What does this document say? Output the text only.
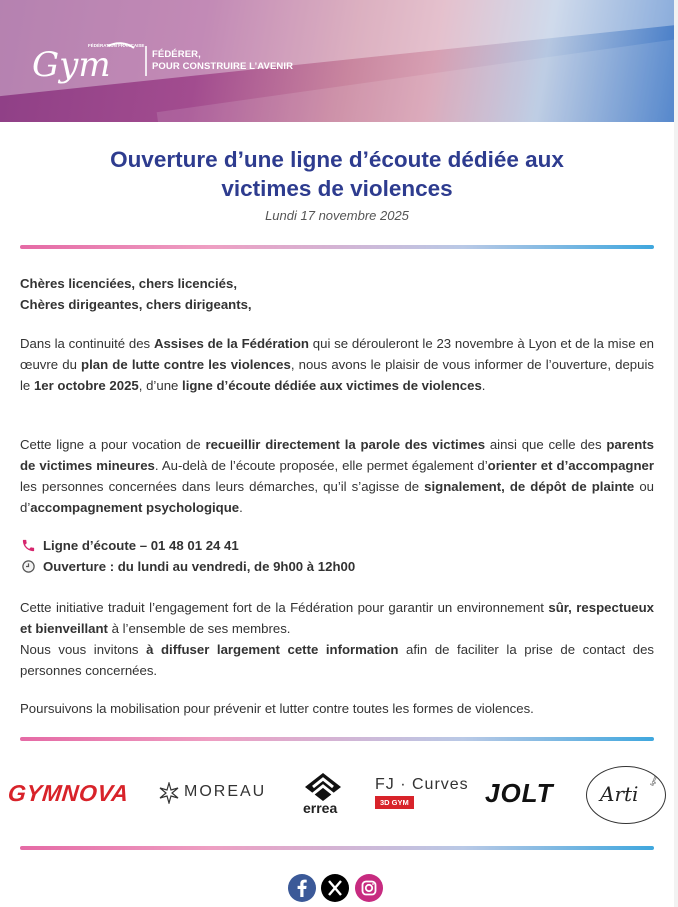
Gym
FÉDÉRATION FRANÇAISE
FÉDÉRER,
POUR CONSTRUIRE L’AVENIR
Ouverture d’une ligne d’écoute dédiée aux
victimes de violences
Lundi 17 novembre 2025
Chères licenciées, chers licenciés,
Chères dirigeantes, chers dirigeants,
Dans la continuité des Assises de la Fédération qui se dérouleront le 23 novembre à Lyon et de la mise en œuvre du plan de lutte contre les violences, nous avons le plaisir de vous informer de l’ouverture, depuis le 1er octobre 2025, d’une ligne d’écoute dédiée aux victimes de violences.
Cette ligne a pour vocation de recueillir directement la parole des victimes ainsi que celle des parents de victimes mineures. Au-delà de l’écoute proposée, elle permet également d’orienter et d’accompagner les personnes concernées dans leurs démarches, qu’il s’agisse de signalement, de dépôt de plainte ou d’accompagnement psychologique.
Ligne d’écoute – 01 48 01 24 41
Ouverture : du lundi au vendredi, de 9h00 à 12h00
Cette initiative traduit l’engagement fort de la Fédération pour garantir un environnement sûr, respectueux et bienveillant à l’ensemble de ses membres.
Nous vous invitons à diffuser largement cette information afin de faciliter la prise de contact des personnes concernées.
Poursuivons la mobilisation pour prévenir et lutter contre toutes les formes de violences.
GYMNOVA	MOREAU
errea
FJ · Curves
3D GYM	JOLT Arti
ligne
